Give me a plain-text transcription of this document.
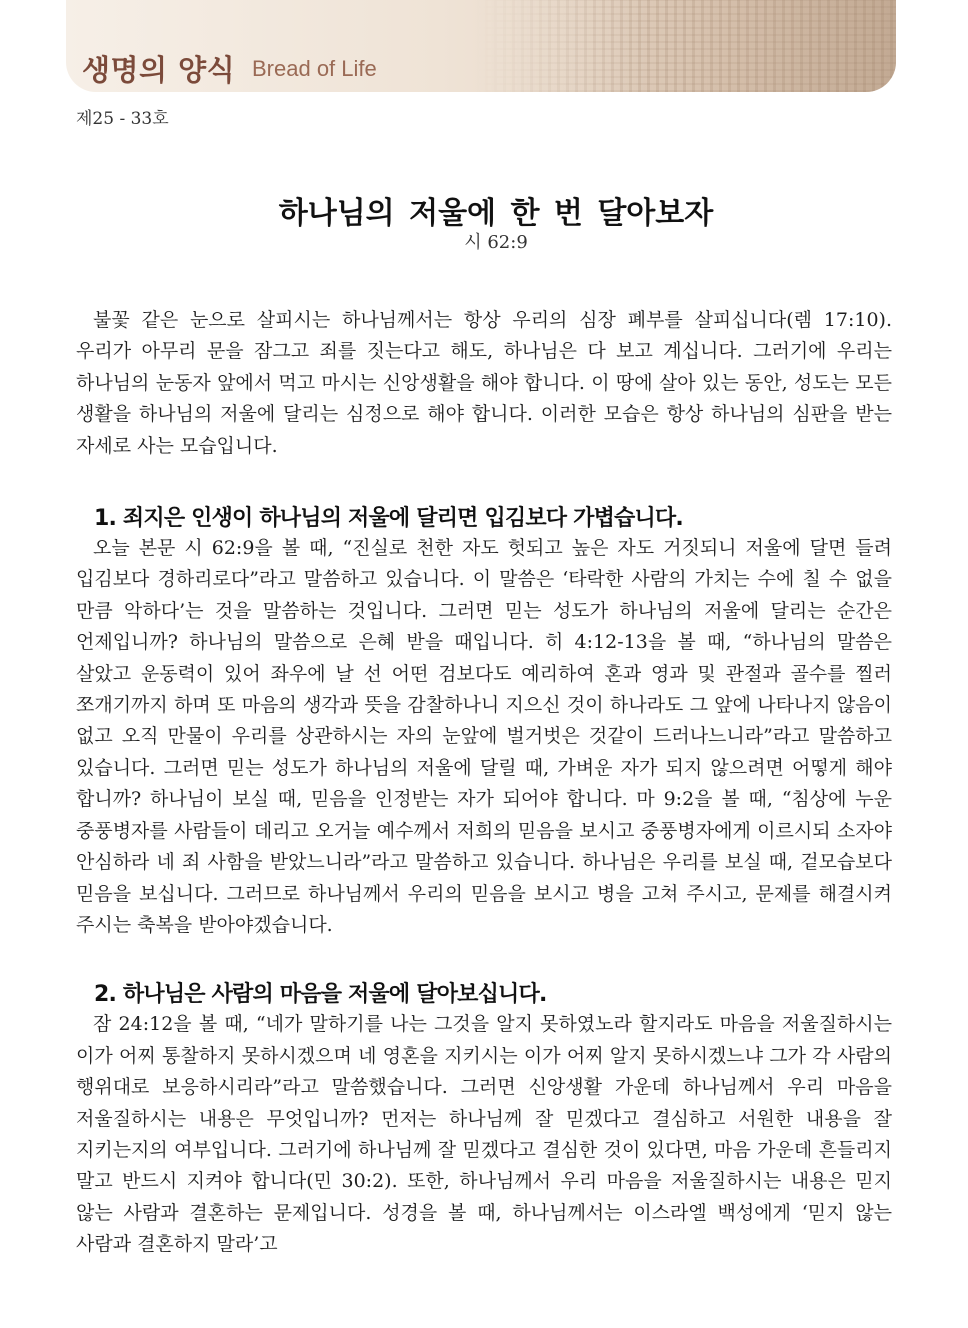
생명의 양식 Bread of Life
제25 - 33호
하나님의 저울에 한 번 달아보자
시 62:9

불꽃 같은 눈으로 살피시는 하나님께서는 항상 우리의 심장 폐부를 살피십니다(렘 17:10). 우리가 아무리 문을 잠그고 죄를 짓는다고 해도, 하나님은 다 보고 계십니다. 그러기에 우리는 하나님의 눈동자 앞에서 먹고 마시는 신앙생활을 해야 합니다. 이 땅에 살아 있는 동안, 성도는 모든 생활을 하나님의 저울에 달리는 심정으로 해야 합니다. 이러한 모습은 항상 하나님의 심판을 받는 자세로 사는 모습입니다.

1. 죄지은 인생이 하나님의 저울에 달리면 입김보다 가볍습니다.

오늘 본문 시 62:9을 볼 때, “진실로 천한 자도 헛되고 높은 자도 거짓되니 저울에 달면 들려 입김보다 경하리로다”라고 말씀하고 있습니다. 이 말씀은 ‘타락한 사람의 가치는 수에 칠 수 없을 만큼 악하다’는 것을 말씀하는 것입니다. 그러면 믿는 성도가 하나님의 저울에 달리는 순간은 언제입니까? 하나님의 말씀으로 은혜 받을 때입니다. 히 4:12-13을 볼 때, “하나님의 말씀은 살았고 운동력이 있어 좌우에 날 선 어떤 검보다도 예리하여 혼과 영과 및 관절과 골수를 찔러 쪼개기까지 하며 또 마음의 생각과 뜻을 감찰하나니 지으신 것이 하나라도 그 앞에 나타나지 않음이 없고 오직 만물이 우리를 상관하시는 자의 눈앞에 벌거벗은 것같이 드러나느니라”라고 말씀하고 있습니다. 그러면 믿는 성도가 하나님의 저울에 달릴 때, 가벼운 자가 되지 않으려면 어떻게 해야 합니까? 하나님이 보실 때, 믿음을 인정받는 자가 되어야 합니다. 마 9:2을 볼 때, “침상에 누운 중풍병자를 사람들이 데리고 오거늘 예수께서 저희의 믿음을 보시고 중풍병자에게 이르시되 소자야 안심하라 네 죄 사함을 받았느니라”라고 말씀하고 있습니다. 하나님은 우리를 보실 때, 겉모습보다 믿음을 보십니다. 그러므로 하나님께서 우리의 믿음을 보시고 병을 고쳐 주시고, 문제를 해결시켜 주시는 축복을 받아야겠습니다.

2. 하나님은 사람의 마음을 저울에 달아보십니다.

잠 24:12을 볼 때, “네가 말하기를 나는 그것을 알지 못하였노라 할지라도 마음을 저울질하시는 이가 어찌 통찰하지 못하시겠으며 네 영혼을 지키시는 이가 어찌 알지 못하시겠느냐 그가 각 사람의 행위대로 보응하시리라”라고 말씀했습니다. 그러면 신앙생활 가운데 하나님께서 우리 마음을 저울질하시는 내용은 무엇입니까? 먼저는 하나님께 잘 믿겠다고 결심하고 서원한 내용을 잘 지키는지의 여부입니다. 그러기에 하나님께 잘 믿겠다고 결심한 것이 있다면, 마음 가운데 흔들리지 말고 반드시 지켜야 합니다(민 30:2). 또한, 하나님께서 우리 마음을 저울질하시는 내용은 믿지 않는 사람과 결혼하는 문제입니다. 성경을 볼 때, 하나님께서는 이스라엘 백성에게 ‘믿지 않는 사람과 결혼하지 말라’고
